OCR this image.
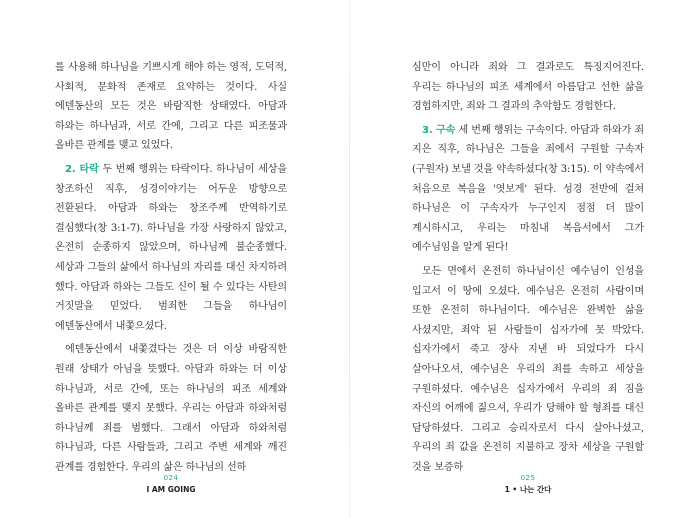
를 사용해 하나님을 기쁘시게 해야 하는 영적, 도덕적, 사회적, 문화적 존재로 요약하는 것이다. 사실 에덴동산의 모든 것은 바람직한 상태였다. 아담과 하와는 하나님과, 서로 간에, 그리고 다른 피조물과 올바른 관계를 맺고 있었다.

2. 타락 두 번째 행위는 타락이다. 하나님이 세상을 창조하신 직후, 성경이야기는 어두운 방향으로 전환된다. 아담과 하와는 창조주께 반역하기로 결심했다(창 3:1-7). 하나님을 가장 사랑하지 않았고, 온전히 순종하지 않았으며, 하나님께 불순종했다. 세상과 그들의 삶에서 하나님의 자리를 대신 차지하려 했다. 아담과 하와는 그들도 신이 될 수 있다는 사탄의 거짓말을 믿었다. 범죄한 그들을 하나님이 에덴동산에서 내쫓으셨다.

에덴동산에서 내쫓겼다는 것은 더 이상 바람직한 원래 상태가 아님을 뜻했다. 아담과 하와는 더 이상 하나님과, 서로 간에, 또는 하나님의 피조 세계와 올바른 관계를 맺지 못했다. 우리는 아담과 하와처럼 하나님께 죄를 범했다. 그래서 아담과 하와처럼 하나님과, 다른 사람들과, 그리고 주변 세계와 깨진 관계를 경험한다. 우리의 삶은 하나님의 선하

024
I AM GOING

심만이 아니라 죄와 그 결과로도 특징지어진다. 우리는 하나님의 피조 세계에서 아름답고 선한 삶을 경험하지만, 죄와 그 결과의 추악함도 경험한다.

3. 구속 세 번째 행위는 구속이다. 아담과 하와가 죄 지은 직후, 하나님은 그들을 죄에서 구원할 구속자(구원자) 보낼 것을 약속하셨다(창 3:15). 이 약속에서 처음으로 복음을 '엿보게' 된다. 성경 전반에 걸쳐 하나님은 이 구속자가 누구인지 점점 더 많이 계시하시고, 우리는 마침내 복음서에서 그가 예수님임을 알게 된다!

모든 면에서 온전히 하나님이신 예수님이 인성을 입고서 이 땅에 오셨다. 예수님은 온전히 사람이며 또한 온전히 하나님이다. 예수님은 완벽한 삶을 사셨지만, 죄악 된 사람들이 십자가에 못 박았다. 십자가에서 죽고 장사 지낸 바 되었다가 다시 살아나오셔, 예수님은 우리의 죄를 속하고 세상을 구원하셨다. 예수님은 십자가에서 우리의 죄 짐을 자신의 어깨에 짊으셔, 우리가 당해야 할 형죄를 대신 담당하셨다. 그리고 승리자로서 다시 살아나셨고, 우리의 죄 값을 온전히 지불하고 장차 세상을 구원할 것을 보증하

025
1 • 나는 간다
